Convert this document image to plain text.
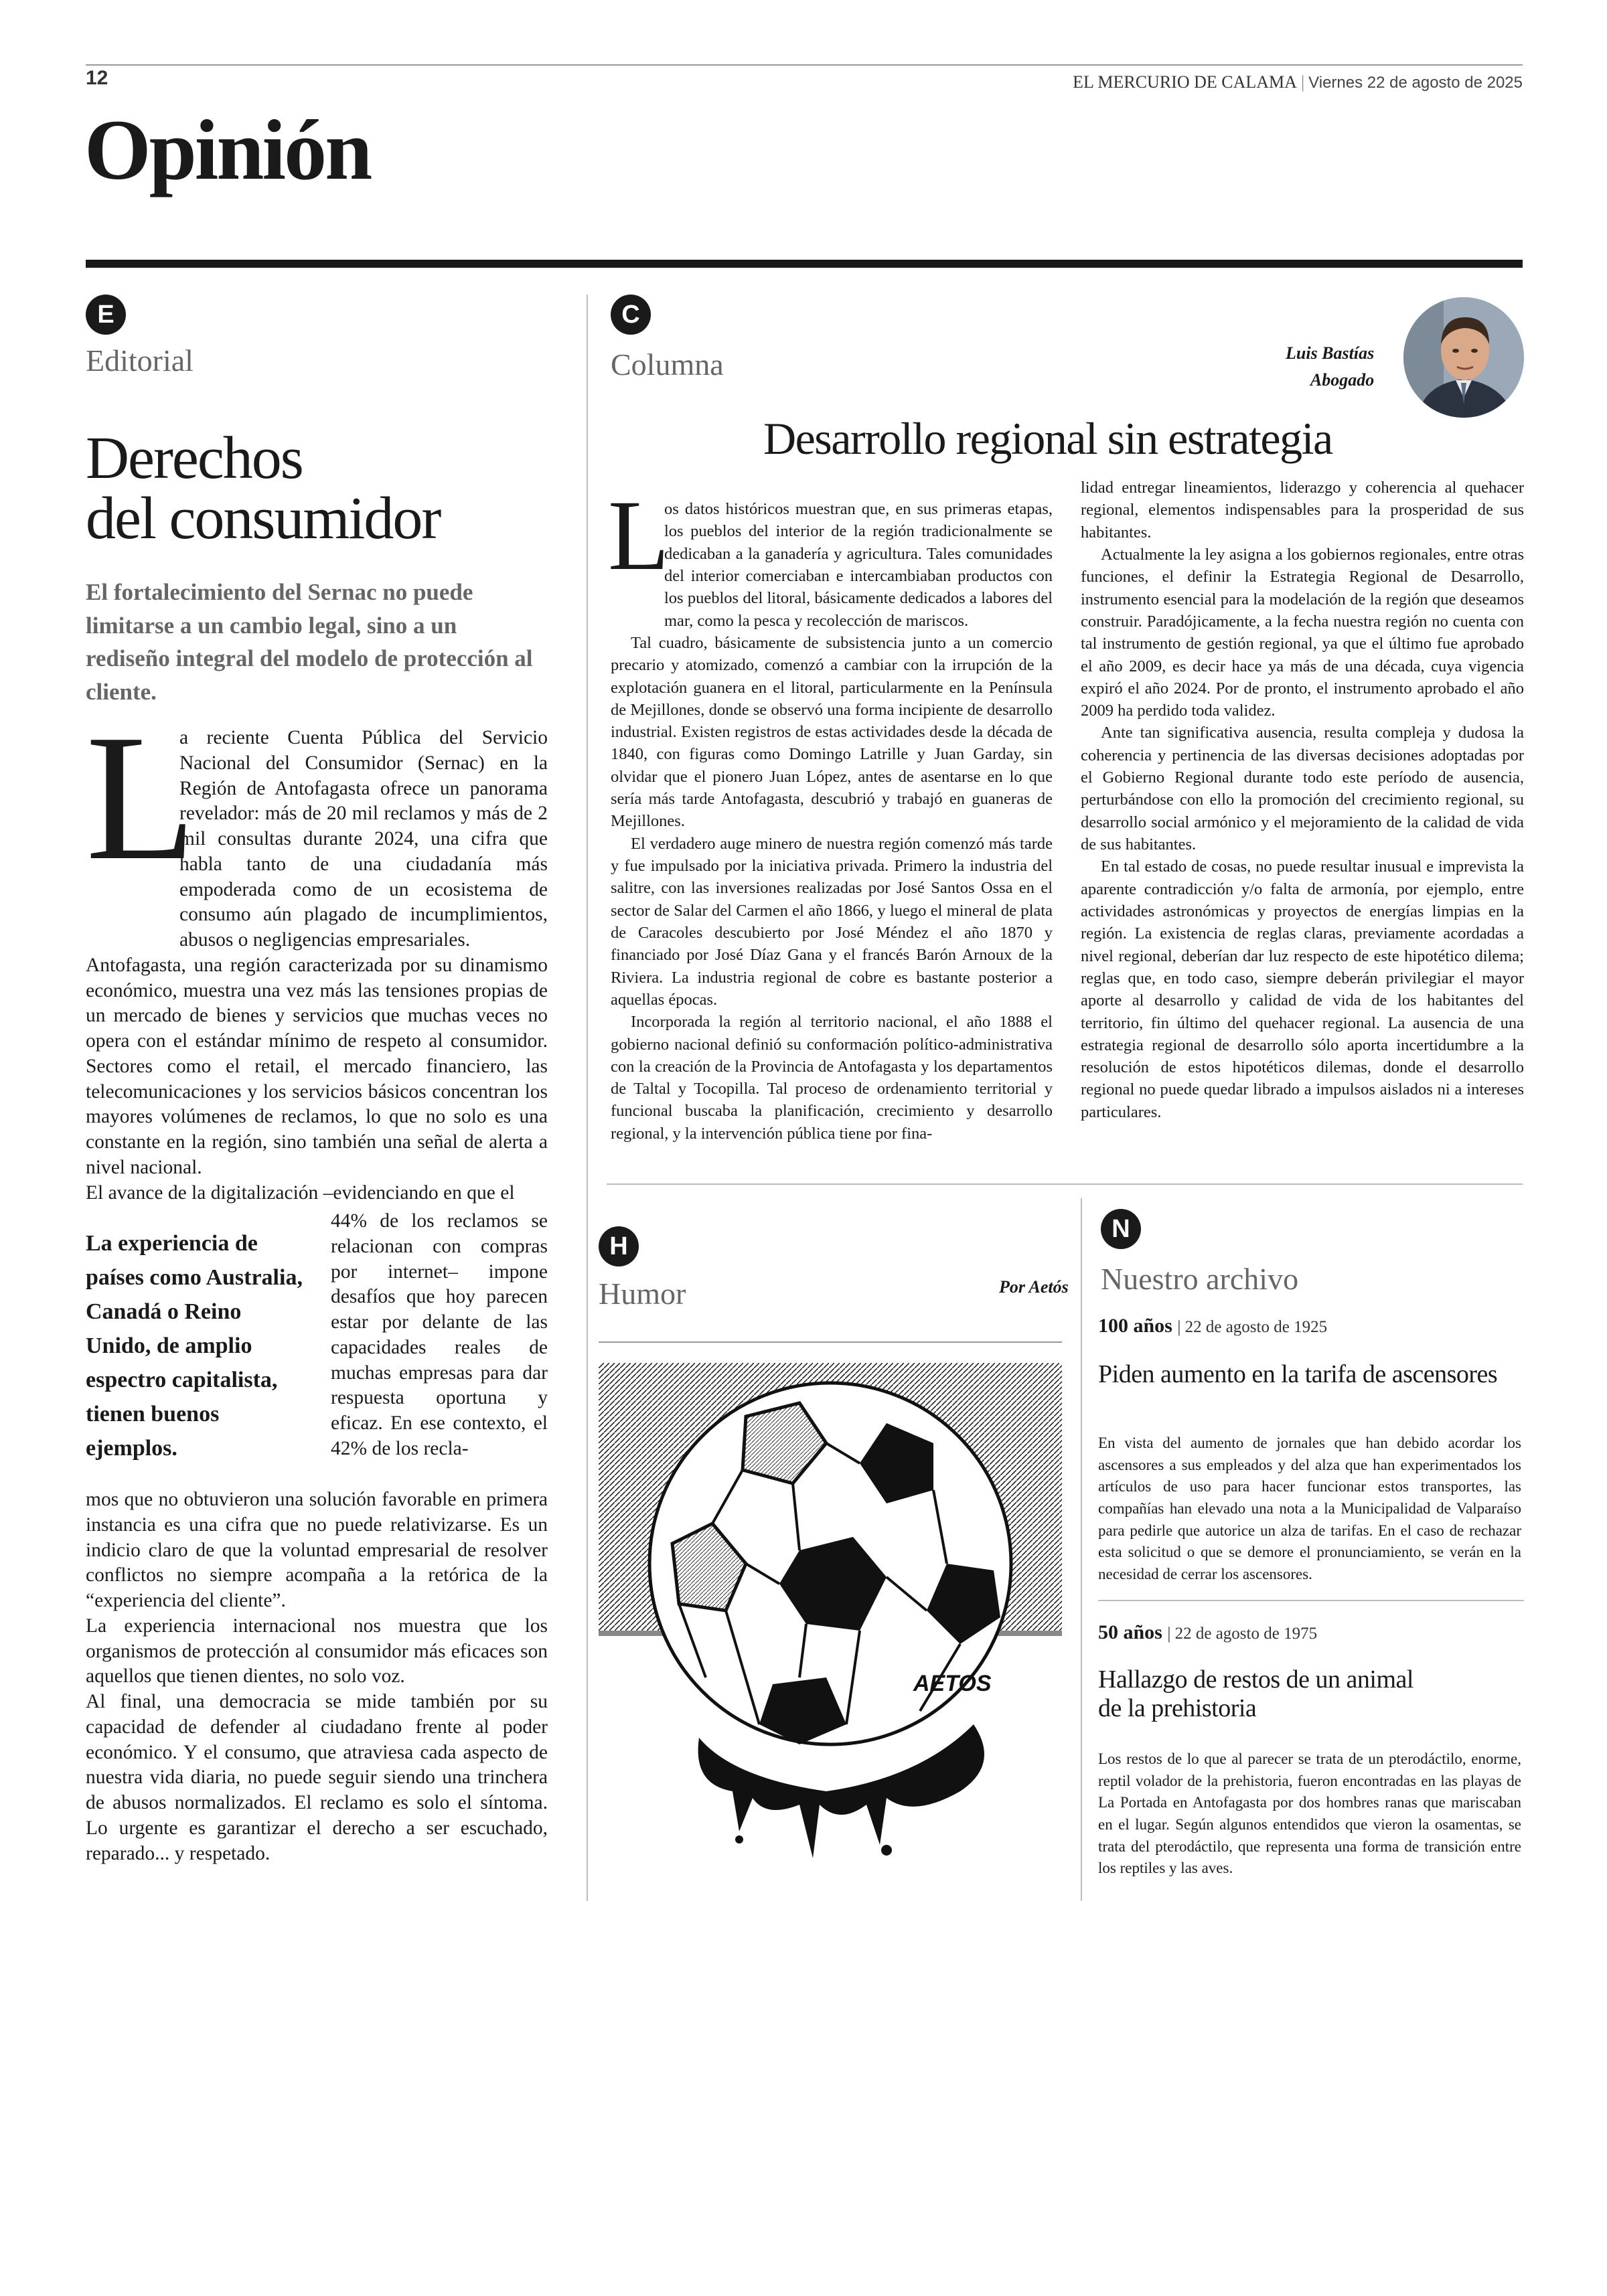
12	EL MERCURIO DE CALAMA | Viernes 22 de agosto de 2025
Opinión
E
Editorial
Derechos
del consumidor
El fortalecimiento del Sernac no puede limitarse a un cambio legal, sino a un rediseño integral del modelo de protección al cliente.
L

a reciente Cuenta Pública del Servicio Nacional del Consumidor (Sernac) en la Región de Antofagasta ofrece un panorama revelador: más de 20 mil reclamos y más de 2 mil consultas durante 2024, una cifra que habla tanto de una ciudadanía más empoderada como de un ecosistema de consumo aún plagado de incumplimientos, abusos o negligencias empresariales.

Antofagasta, una región caracterizada por su dinamismo económico, muestra una vez más las tensiones propias de un mercado de bienes y servicios que muchas veces no opera con el estándar mínimo de respeto al consumidor. Sectores como el retail, el mercado financiero, las telecomunicaciones y los servicios básicos concentran los mayores volúmenes de reclamos, lo que no solo es una constante en la región, sino también una señal de alerta a nivel nacional.

El avance de la digitalización –evidenciando en que el

La experiencia de países como Australia, Canadá o Reino Unido, de amplio espectro capitalista, tienen buenos ejemplos.
44% de los reclamos se relacionan con compras por internet– impone desafíos que hoy parecen estar por delante de las capacidades reales de muchas empresas para dar respuesta oportuna y eficaz. En ese contexto, el 42% de los recla-

mos que no obtuvieron una solución favorable en primera instancia es una cifra que no puede relativizarse. Es un indicio claro de que la voluntad empresarial de resolver conflictos no siempre acompaña a la retórica de la “experiencia del cliente”.

La experiencia internacional nos muestra que los organismos de protección al consumidor más eficaces son aquellos que tienen dientes, no solo voz.

Al final, una democracia se mide también por su capacidad de defender al ciudadano frente al poder económico. Y el consumo, que atraviesa cada aspecto de nuestra vida diaria, no puede seguir siendo una trinchera de abusos normalizados. El reclamo es solo el síntoma. Lo urgente es garantizar el derecho a ser escuchado, reparado... y respetado.

C
Columna	Luis Bastías
Abogado
Desarrollo regional sin estrategia
L

os datos históricos muestran que, en sus primeras etapas, los pueblos del interior de la región tradicionalmente se dedicaban a la ganadería y agricultura. Tales comunidades del interior comerciaban e intercambiaban productos con los pueblos del litoral, básicamente dedicados a labores del mar, como la pesca y recolección de mariscos.

Tal cuadro, básicamente de subsistencia junto a un comercio precario y atomizado, comenzó a cambiar con la irrupción de la explotación guanera en el litoral, particularmente en la Península de Mejillones, donde se observó una forma incipiente de desarrollo industrial. Existen registros de estas actividades desde la década de 1840, con figuras como Domingo Latrille y Juan Garday, sin olvidar que el pionero Juan López, antes de asentarse en lo que sería más tarde Antofagasta, descubrió y trabajó en guaneras de Mejillones.

El verdadero auge minero de nuestra región comenzó más tarde y fue impulsado por la iniciativa privada. Primero la industria del salitre, con las inversiones realizadas por José Santos Ossa en el sector de Salar del Carmen el año 1866, y luego el mineral de plata de Caracoles descubierto por José Méndez el año 1870 y financiado por José Díaz Gana y el francés Barón Arnoux de la Riviera. La industria regional de cobre es bastante posterior a aquellas épocas.

Incorporada la región al territorio nacional, el año 1888 el gobierno nacional definió su conformación político-administrativa con la creación de la Provincia de Antofagasta y los departamentos de Taltal y Tocopilla. Tal proceso de ordenamiento territorial y funcional buscaba la planificación, crecimiento y desarrollo regional, y la intervención pública tiene por fina-

lidad entregar lineamientos, liderazgo y coherencia al quehacer regional, elementos indispensables para la prosperidad de sus habitantes.

Actualmente la ley asigna a los gobiernos regionales, entre otras funciones, el definir la Estrategia Regional de Desarrollo, instrumento esencial para la modelación de la región que deseamos construir. Paradójicamente, a la fecha nuestra región no cuenta con tal instrumento de gestión regional, ya que el último fue aprobado el año 2009, es decir hace ya más de una década, cuya vigencia expiró el año 2024. Por de pronto, el instrumento aprobado el año 2009 ha perdido toda validez.

Ante tan significativa ausencia, resulta compleja y dudosa la coherencia y pertinencia de las diversas decisiones adoptadas por el Gobierno Regional durante todo este período de ausencia, perturbándose con ello la promoción del crecimiento regional, su desarrollo social armónico y el mejoramiento de la calidad de vida de sus habitantes.

En tal estado de cosas, no puede resultar inusual e imprevista la aparente contradicción y/o falta de armonía, por ejemplo, entre actividades astronómicas y proyectos de energías limpias en la región. La existencia de reglas claras, previamente acordadas a nivel regional, deberían dar luz respecto de este hipotético dilema; reglas que, en todo caso, siempre deberán privilegiar el mayor aporte al desarrollo y calidad de vida de los habitantes del territorio, fin último del quehacer regional. La ausencia de una estrategia regional de desarrollo sólo aporta incertidumbre a la resolución de estos hipotéticos dilemas, donde el desarrollo regional no puede quedar librado a impulsos aislados ni a intereses particulares.

H
Humor	Por Aetós
AETOS
N
Nuestro archivo
100 años | 22 de agosto de 1925
Piden aumento en la tarifa de ascensores
En vista del aumento de jornales que han debido acordar los ascensores a sus empleados y del alza que han experimentados los artículos de uso para hacer funcionar estos transportes, las compañías han elevado una nota a la Municipalidad de Valparaíso para pedirle que autorice un alza de tarifas. En el caso de rechazar esta solicitud o que se demore el pronunciamiento, se verán en la necesidad de cerrar los ascensores.
50 años | 22 de agosto de 1975
Hallazgo de restos de un animal de la prehistoria
Los restos de lo que al parecer se trata de un pterodáctilo, enorme, reptil volador de la prehistoria, fueron encontradas en las playas de La Portada en Antofagasta por dos hombres ranas que mariscaban en el lugar. Según algunos entendidos que vieron la osamentas, se trata del pterodáctilo, que representa una forma de transición entre los reptiles y las aves.
